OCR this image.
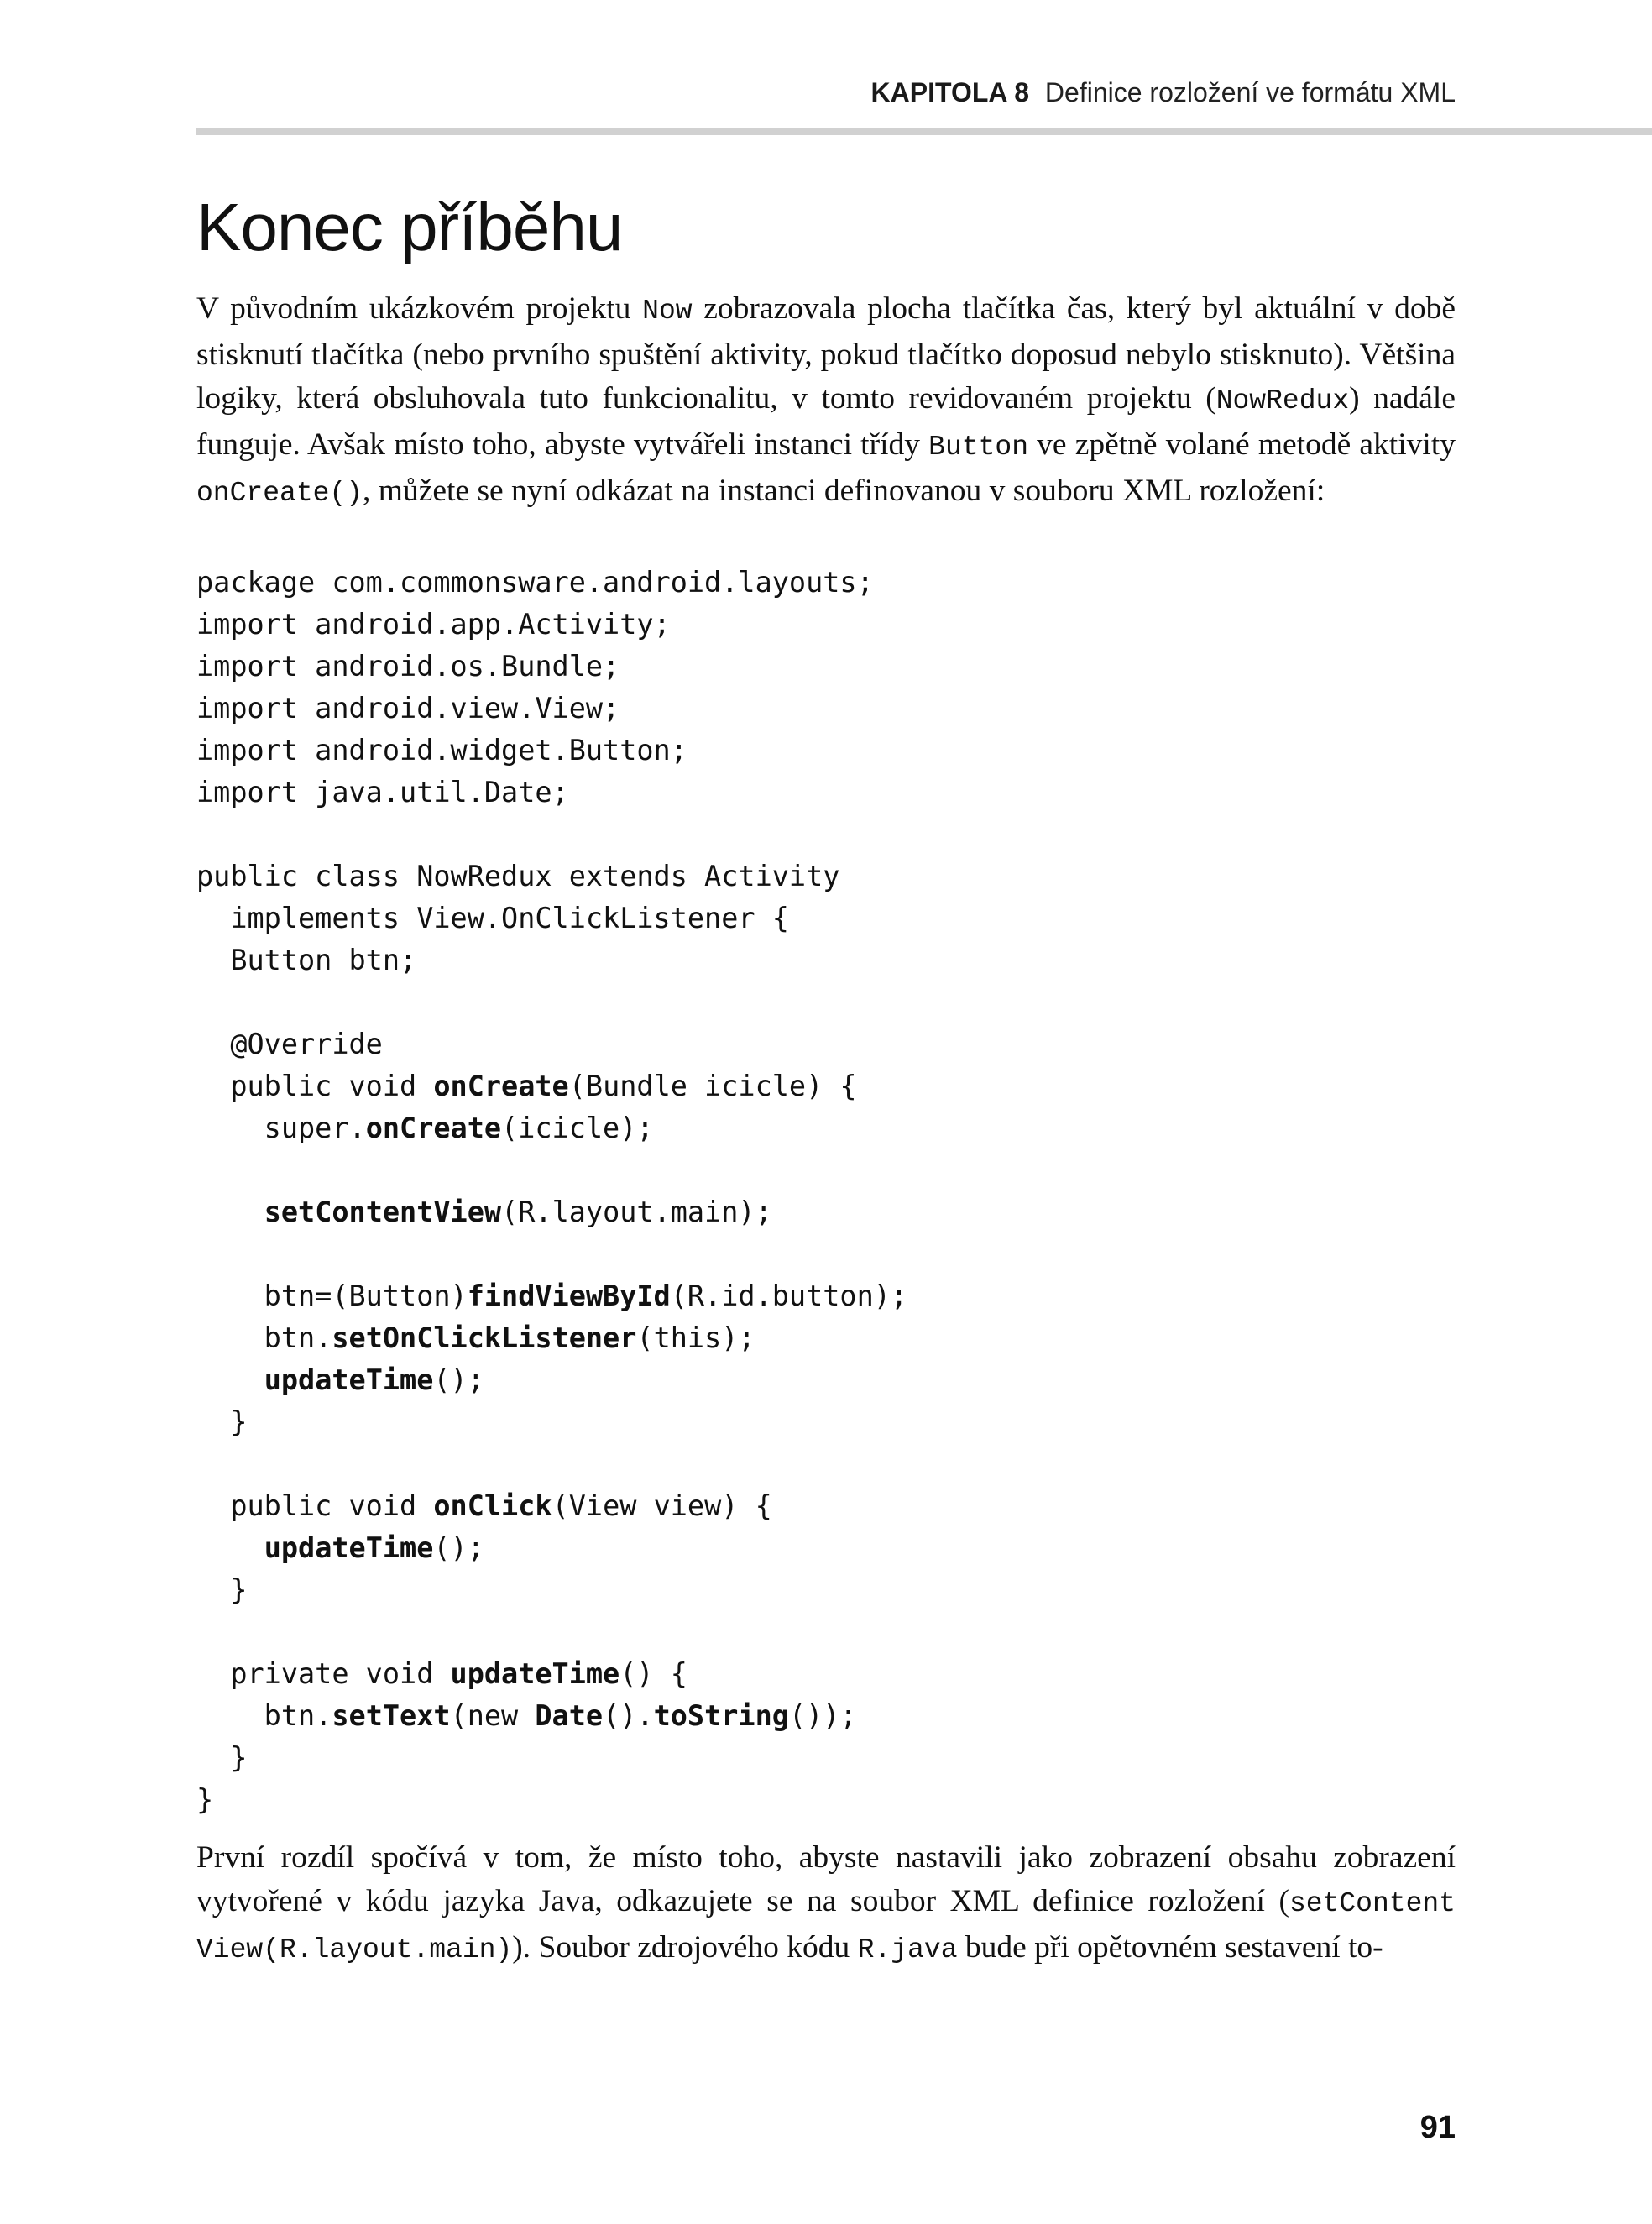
KAPITOLA 8 Definice rozložení ve formátu XML
Konec příběhu

V původním ukázkovém projektu Now zobrazovala plocha tlačítka čas, který byl aktuální v době stisknutí tlačítka (nebo prvního spuštění aktivity, pokud tlačítko doposud nebylo stisknuto). Většina logiky, která obsluhovala tuto funkcionalitu, v tomto revidovaném projektu (NowRedux) nadále funguje. Avšak místo toho, abyste vytvářeli instanci třídy Button ve zpětně volané metodě aktivity onCreate(), můžete se nyní odkázat na instanci definovanou v souboru XML rozložení:

package com.commonsware.android.layouts;
import android.app.Activity;
import android.os.Bundle;
import android.view.View;
import android.widget.Button;
import java.util.Date;
public class NowRedux extends Activity
implements View.OnClickListener {
Button btn;
@Override
public void onCreate(Bundle icicle) {
super.onCreate(icicle);
setContentView(R.layout.main);
btn=(Button)findViewById(R.id.button);
btn.setOnClickListener(this);
updateTime();
}
public void onClick(View view) {
updateTime();
}
private void updateTime() {
btn.setText(new Date().toString());
}
}

První rozdíl spočívá v tom, že místo toho, abyste nastavili jako zobrazení obsahu zobrazení vytvořené v kódu jazyka Java, odkazujete se na soubor XML definice rozložení (setContent View(R.layout.main)). Soubor zdrojového kódu R.java bude při opětovném sestavení to-

91
